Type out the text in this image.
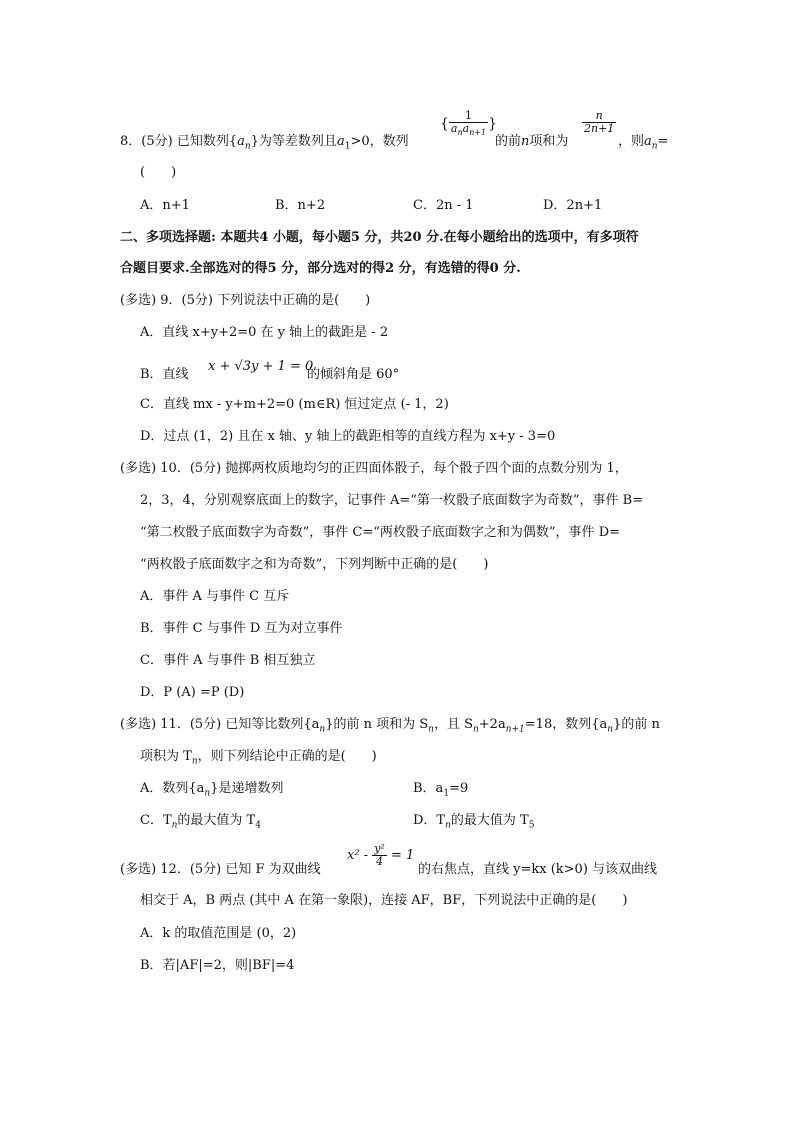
8．(5分) 已知数列$\{a_n\}$为等差数列且$a_1>0$，数列
{ $\frac{1}{a_na_{n+1}}$ }
的前n项和为
$\frac{n}{2n+1}$
，则$a_n=$
(　　)
A．n+1	B．n+2	C．2n - 1	D．2n+1
二、多项选择题: 本题共4 小题，每小题5 分，共20 分.在每小题给出的选项中，有多项符
合题目要求.全部选对的得5 分，部分选对的得2 分，有选错的得0 分.
(多选) 9．(5分) 下列说法中正确的是(　　)
A．直线 x+y+2=0 在 y 轴上的截距是 - 2
B．直线
x + √3y + 1 = 0
的倾斜角是 60°
C．直线 mx - y+m+2=0 (m∈R) 恒过定点 (- 1，2)
D．过点 (1，2) 且在 x 轴、y 轴上的截距相等的直线方程为 x+y - 3=0
(多选) 10．(5分) 抛掷两枚质地均匀的正四面体骰子，每个骰子四个面的点数分别为 1，
2，3，4，分别观察底面上的数字，记事件 A=“第一枚骰子底面数字为奇数”，事件 B=
“第二枚骰子底面数字为奇数”，事件 C=“两枚骰子底面数字之和为偶数”，事件 D=
“两枚骰子底面数字之和为奇数”，下列判断中正确的是(　　)
A．事件 A 与事件 C 互斥
B．事件 C 与事件 D 互为对立事件
C．事件 A 与事件 B 相互独立
D．P (A) =P (D)
(多选) 11．(5分) 已知等比数列$\{a_n\}$的前 n 项和为 $S_n$，且 $S_n+2a_{n+1}=18$，数列$\{a_n\}$的前 n
项积为 $T_n$，则下列结论中正确的是(　　)
A．数列$\{a_n\}$是递增数列	B．$a_1=9$
C．$T_n$的最大值为 $T_4$	D．$T_n$的最大值为 $T_5$
(多选) 12．(5分) 已知 F 为双曲线
$x^2 - \frac{\text{y²}}{4} = 1$
的右焦点，直线 y=kx (k>0) 与该双曲线
相交于 A，B 两点 (其中 A 在第一象限)，连接 AF，BF，下列说法中正确的是(　　)
A．k 的取值范围是 (0，2)
B．若|AF|=2，则|BF|=4
